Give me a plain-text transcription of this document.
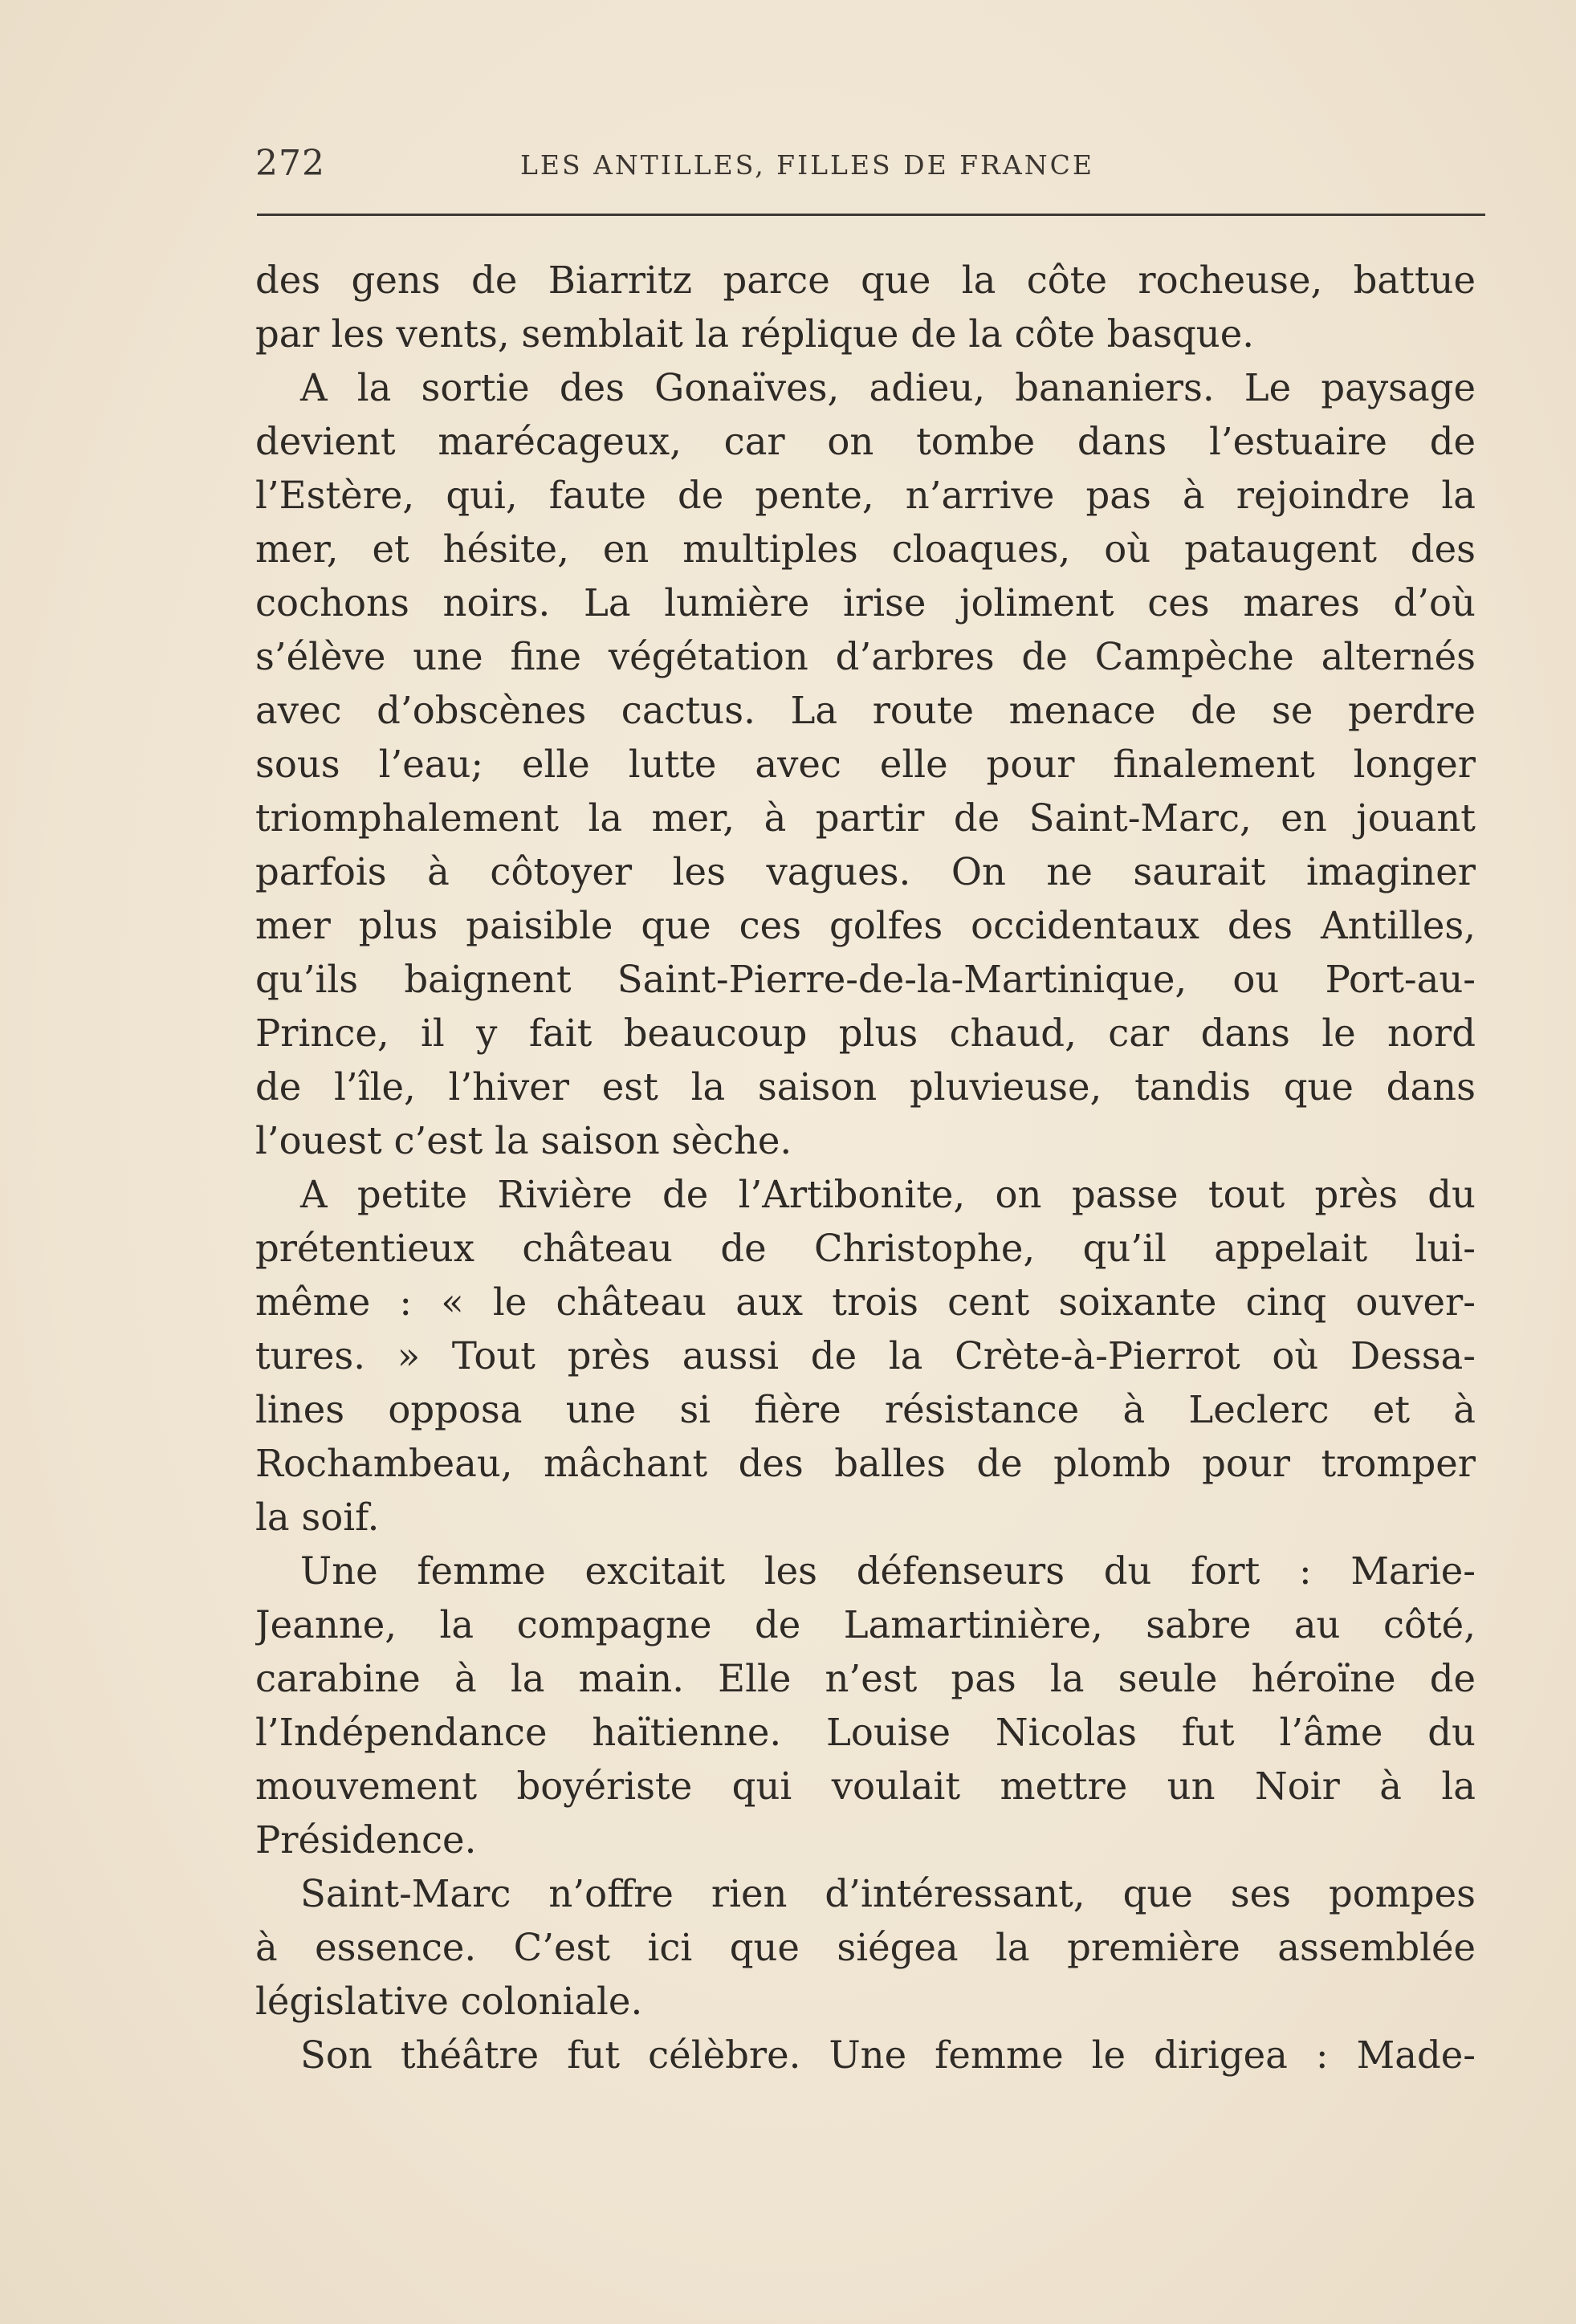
272	LES ANTILLES, FILLES DE FRANCE
des gens de Biarritz parce que la côte rocheuse, battue
par les vents, semblait la réplique de la côte basque.
A la sortie des Gonaïves, adieu, bananiers. Le paysage
devient marécageux, car on tombe dans l’estuaire de
l’Estère, qui, faute de pente, n’arrive pas à rejoindre la
mer, et hésite, en multiples cloaques, où pataugent des
cochons noirs. La lumière irise joliment ces mares d’où
s’élève une fine végétation d’arbres de Campèche alternés
avec d’obscènes cactus. La route menace de se perdre
sous l’eau; elle lutte avec elle pour finalement longer
triomphalement la mer, à partir de Saint-Marc, en jouant
parfois à côtoyer les vagues. On ne saurait imaginer
mer plus paisible que ces golfes occidentaux des Antilles,
qu’ils baignent Saint-Pierre-de-la-Martinique, ou Port-au-
Prince, il y fait beaucoup plus chaud, car dans le nord
de l’île, l’hiver est la saison pluvieuse, tandis que dans
l’ouest c’est la saison sèche.
A petite Rivière de l’Artibonite, on passe tout près du
prétentieux château de Christophe, qu’il appelait lui-
même : « le château aux trois cent soixante cinq ouver-
tures. » Tout près aussi de la Crète-à-Pierrot où Dessa-
lines opposa une si fière résistance à Leclerc et à
Rochambeau, mâchant des balles de plomb pour tromper
la soif.
Une femme excitait les défenseurs du fort : Marie-
Jeanne, la compagne de Lamartinière, sabre au côté,
carabine à la main. Elle n’est pas la seule héroïne de
l’Indépendance haïtienne. Louise Nicolas fut l’âme du
mouvement boyériste qui voulait mettre un Noir à la
Présidence.
Saint-Marc n’offre rien d’intéressant, que ses pompes
à essence. C’est ici que siégea la première assemblée
législative coloniale.
Son théâtre fut célèbre. Une femme le dirigea : Made-
